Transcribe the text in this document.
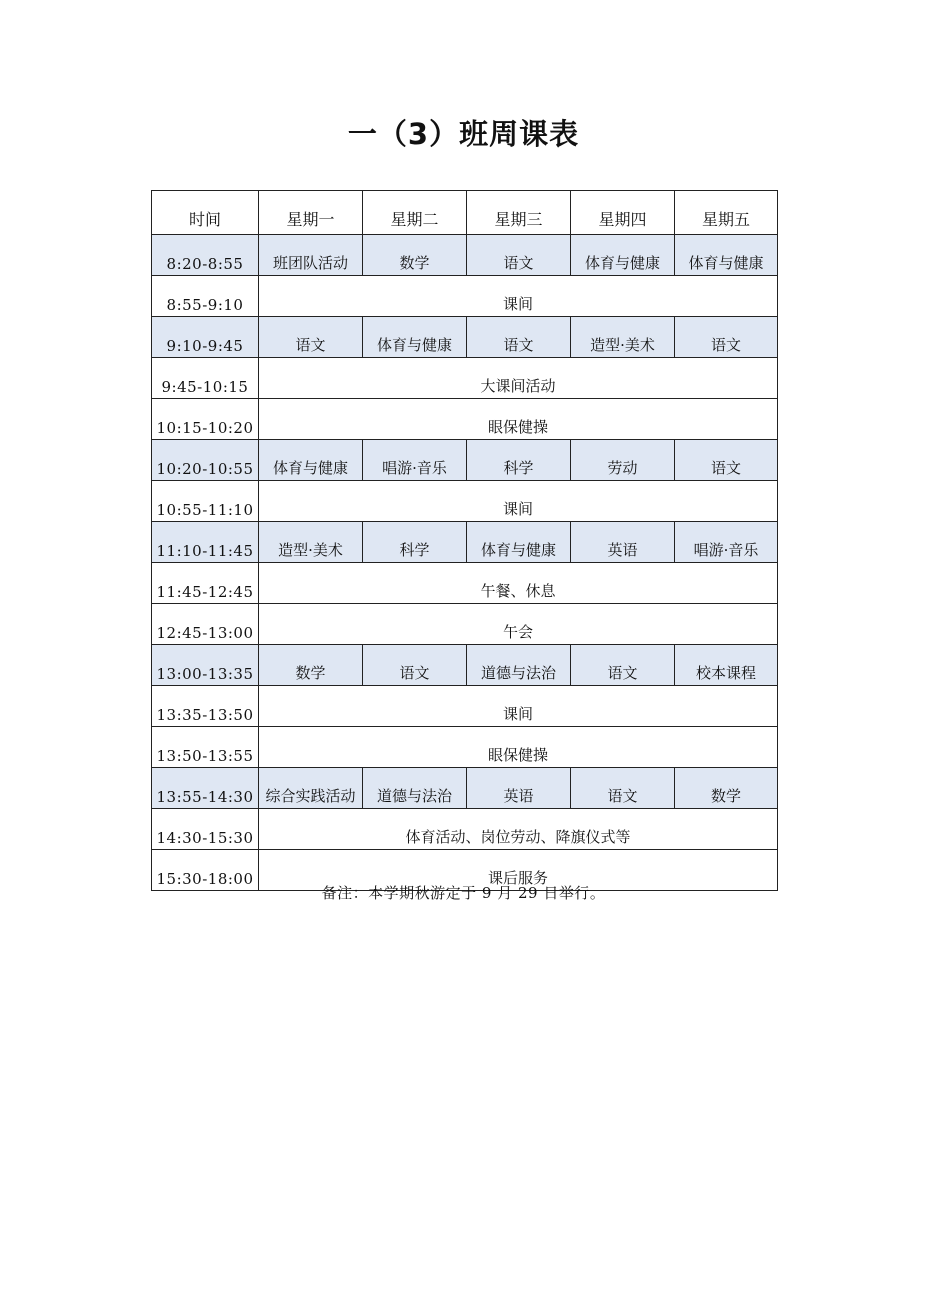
一（3）班周课表
时间	星期一	星期二	星期三	星期四	星期五
8:20-8:55	班团队活动	数学	语文	体育与健康	体育与健康
8:55-9:10	课间				
9:10-9:45	语文	体育与健康	语文	造型·美术	语文
9:45-10:15	大课间活动				
10:15-10:20	眼保健操				
10:20-10:55	体育与健康	唱游·音乐	科学	劳动	语文
10:55-11:10	课间				
11:10-11:45	造型·美术	科学	体育与健康	英语	唱游·音乐
11:45-12:45	午餐、休息				
12:45-13:00	午会				
13:00-13:35	数学	语文	道德与法治	语文	校本课程
13:35-13:50	课间				
13:50-13:55	眼保健操				
13:55-14:30	综合实践活动	道德与法治	英语	语文	数学
14:30-15:30	体育活动、岗位劳动、降旗仪式等				
15:30-18:00	课后服务				
备注：本学期秋游定于 9 月 29 日举行。
